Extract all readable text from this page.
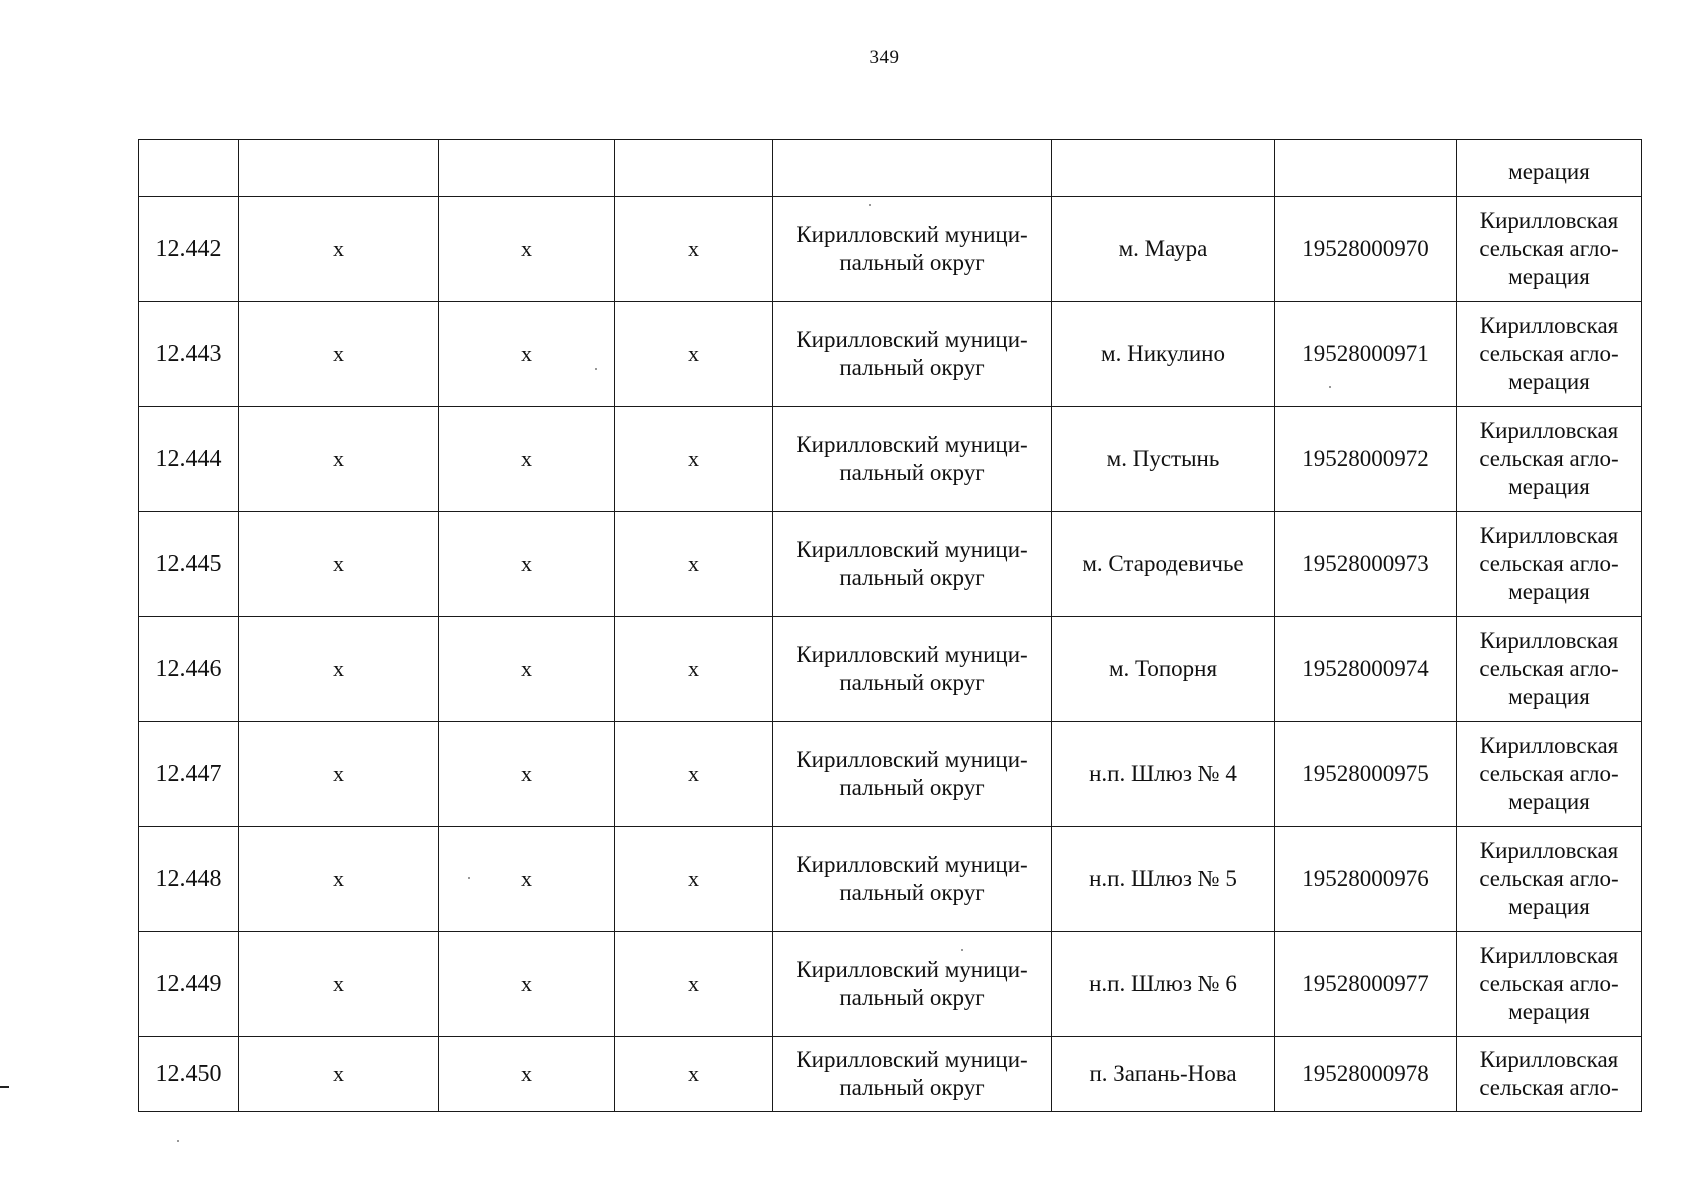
349
							мерация
12.442	х	х	х	Кирилловский муници-
пальный округ	м. Маура	19528000970	Кирилловская
сельская агло-
мерация
12.443	х	х	х	Кирилловский муници-
пальный округ	м. Никулино	19528000971	Кирилловская
сельская агло-
мерация
12.444	х	х	х	Кирилловский муници-
пальный округ	м. Пустынь	19528000972	Кирилловская
сельская агло-
мерация
12.445	х	х	х	Кирилловский муници-
пальный округ	м. Стародевичье	19528000973	Кирилловская
сельская агло-
мерация
12.446	х	х	х	Кирилловский муници-
пальный округ	м. Топорня	19528000974	Кирилловская
сельская агло-
мерация
12.447	х	х	х	Кирилловский муници-
пальный округ	н.п. Шлюз № 4	19528000975	Кирилловская
сельская агло-
мерация
12.448	х	х	х	Кирилловский муници-
пальный округ	н.п. Шлюз № 5	19528000976	Кирилловская
сельская агло-
мерация
12.449	х	х	х	Кирилловский муници-
пальный округ	н.п. Шлюз № 6	19528000977	Кирилловская
сельская агло-
мерация
12.450	х	х	х	Кирилловский муници-
пальный округ	п. Запань-Нова	19528000978	Кирилловская
сельская агло-
